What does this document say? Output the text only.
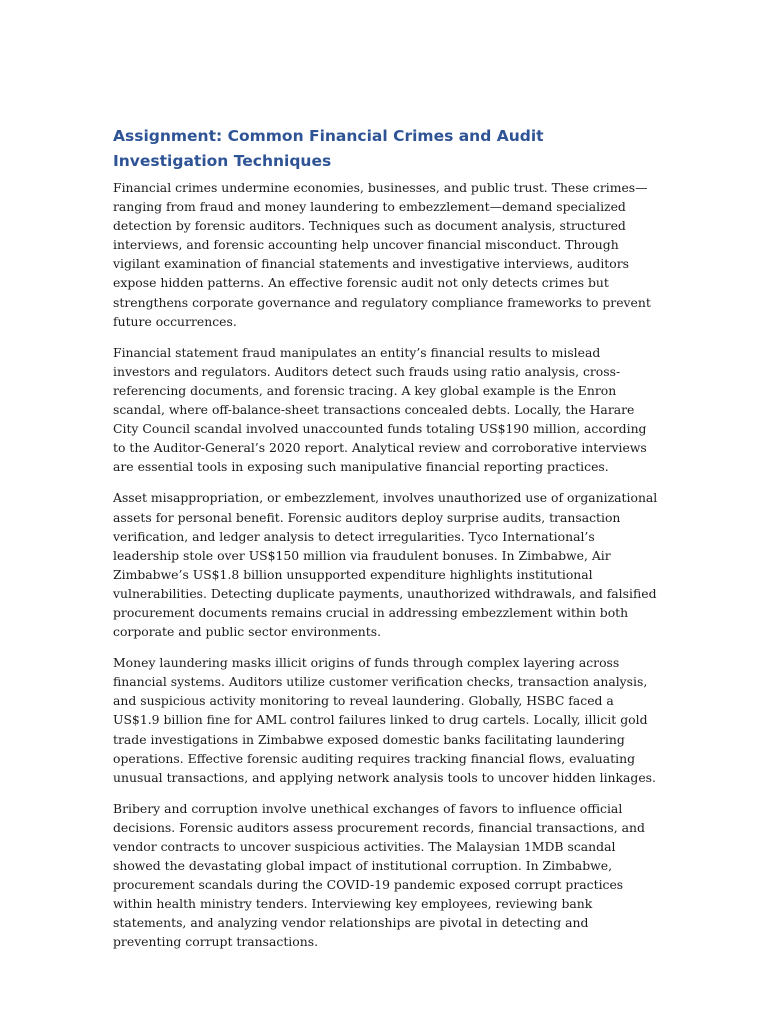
Assignment: Common Financial Crimes and Audit Investigation Techniques

Financial crimes undermine economies, businesses, and public trust. These crimes—ranging from fraud and money laundering to embezzlement—demand specialized detection by forensic auditors. Techniques such as document analysis, structured interviews, and forensic accounting help uncover financial misconduct. Through vigilant examination of financial statements and investigative interviews, auditors expose hidden patterns. An effective forensic audit not only detects crimes but strengthens corporate governance and regulatory compliance frameworks to prevent future occurrences.

Financial statement fraud manipulates an entity’s financial results to mislead investors and regulators. Auditors detect such frauds using ratio analysis, cross-referencing documents, and forensic tracing. A key global example is the Enron scandal, where off-balance-sheet transactions concealed debts. Locally, the Harare City Council scandal involved unaccounted funds totaling US$190 million, according to the Auditor-General’s 2020 report. Analytical review and corroborative interviews are essential tools in exposing such manipulative financial reporting practices.

Asset misappropriation, or embezzlement, involves unauthorized use of organizational assets for personal benefit. Forensic auditors deploy surprise audits, transaction verification, and ledger analysis to detect irregularities. Tyco International’s leadership stole over US$150 million via fraudulent bonuses. In Zimbabwe, Air Zimbabwe’s US$1.8 billion unsupported expenditure highlights institutional vulnerabilities. Detecting duplicate payments, unauthorized withdrawals, and falsified procurement documents remains crucial in addressing embezzlement within both corporate and public sector environments.

Money laundering masks illicit origins of funds through complex layering across financial systems. Auditors utilize customer verification checks, transaction analysis, and suspicious activity monitoring to reveal laundering. Globally, HSBC faced a US$1.9 billion fine for AML control failures linked to drug cartels. Locally, illicit gold trade investigations in Zimbabwe exposed domestic banks facilitating laundering operations. Effective forensic auditing requires tracking financial flows, evaluating unusual transactions, and applying network analysis tools to uncover hidden linkages.

Bribery and corruption involve unethical exchanges of favors to influence official decisions. Forensic auditors assess procurement records, financial transactions, and vendor contracts to uncover suspicious activities. The Malaysian 1MDB scandal showed the devastating global impact of institutional corruption. In Zimbabwe, procurement scandals during the COVID-19 pandemic exposed corrupt practices within health ministry tenders. Interviewing key employees, reviewing bank statements, and analyzing vendor relationships are pivotal in detecting and preventing corrupt transactions.
